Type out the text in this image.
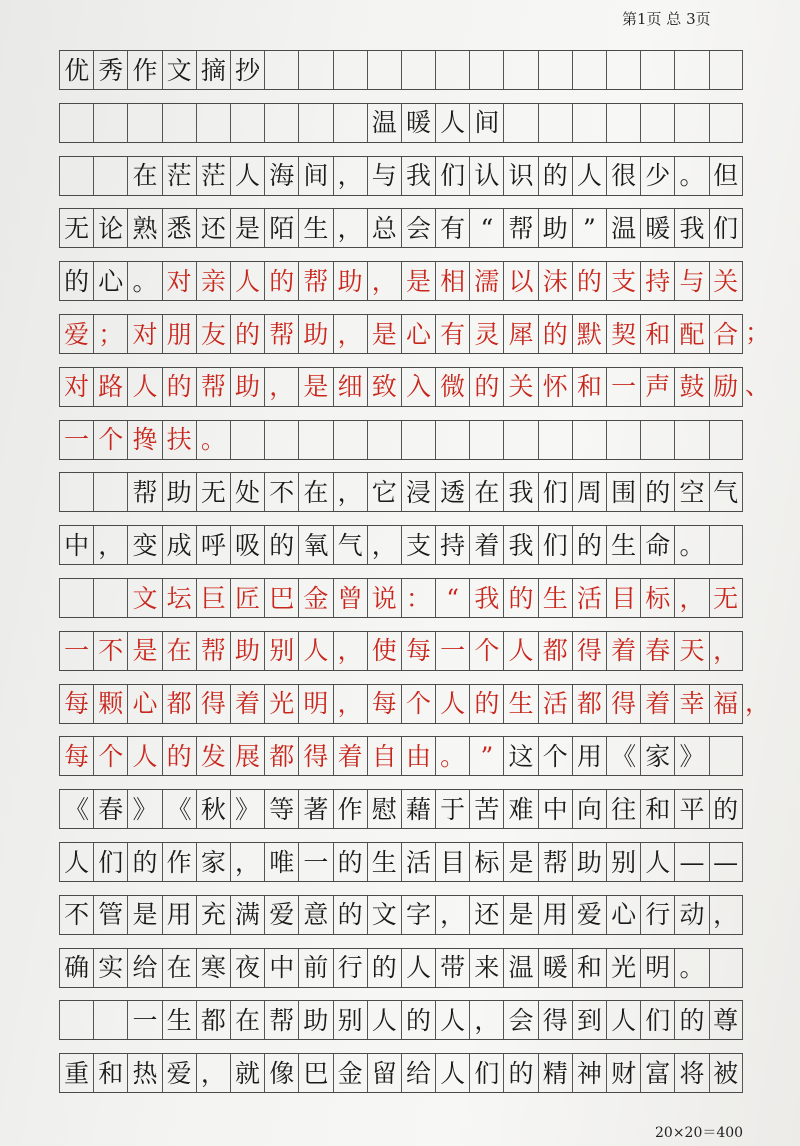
第1页 总 3页
优 秀 作 文 摘 抄
温 暖 人 间
在 茫 茫 人 海 间 ， 与 我 们 认 识 的 人 很 少 。 但
无 论 熟 悉 还 是 陌 生 ， 总 会 有 “ 帮 助 ” 温 暖 我 们
的 心 。 对 亲 人 的 帮 助 ， 是 相 濡 以 沫 的 支 持 与 关
爱 ； 对 朋 友 的 帮 助 ， 是 心 有 灵 犀 的 默 契 和 配 合
对 路 人 的 帮 助 ， 是 细 致 入 微 的 关 怀 和 一 声 鼓 励
一 个 搀 扶 。
帮 助 无 处 不 在 ， 它 浸 透 在 我 们 周 围 的 空 气
中 ， 变 成 呼 吸 的 氧 气 ， 支 持 着 我 们 的 生 命 。
文 坛 巨 匠 巴 金 曾 说 ： “ 我 的 生 活 目 标 ， 无
一 不 是 在 帮 助 别 人 ， 使 每 一 个 人 都 得 着 春 天 ，
每 颗 心 都 得 着 光 明 ， 每 个 人 的 生 活 都 得 着 幸 福
每 个 人 的 发 展 都 得 着 自 由 。 ” 这 个 用 《 家 》
《 春 》 《 秋 》 等 著 作 慰 藉 于 苦 难 中 向 往 和 平 的
人 们 的 作 家 ， 唯 一 的 生 活 目 标 是 帮 助 别 人 — —
不 管 是 用 充 满 爱 意 的 文 字 ， 还 是 用 爱 心 行 动 ，
确 实 给 在 寒 夜 中 前 行 的 人 带 来 温 暖 和 光 明 。
一 生 都 在 帮 助 别 人 的 人 ， 会 得 到 人 们 的 尊
重 和 热 爱 ， 就 像 巴 金 留 给 人 们 的 精 神 财 富 将 被
20×20＝400
；
、
，
